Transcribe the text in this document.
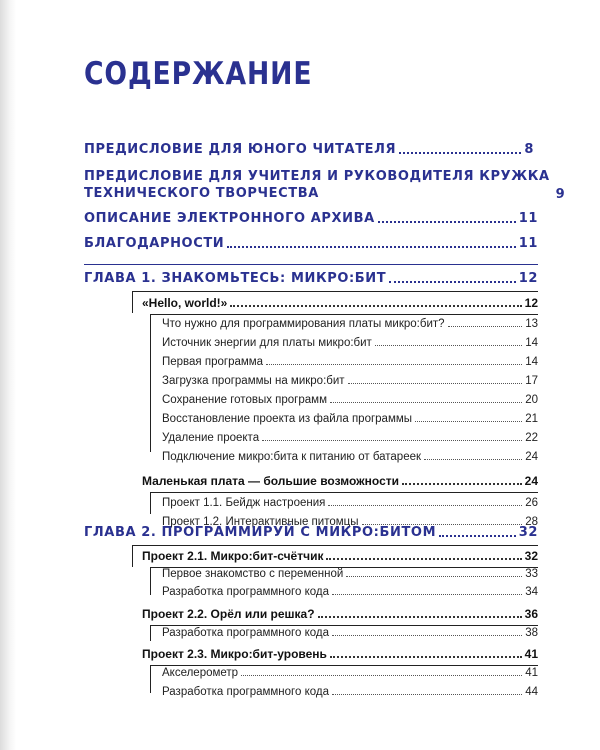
СОДЕРЖАНИЕ
ПРЕДИСЛОВИЕ ДЛЯ ЮНОГО ЧИТАТЕЛЯ	8
ПРЕДИСЛОВИЕ ДЛЯ УЧИТЕЛЯ И РУКОВОДИТЕЛЯ КРУЖКА
ТЕХНИЧЕСКОГО ТВОРЧЕСТВА	9
ОПИСАНИЕ ЭЛЕКТРОННОГО АРХИВА	11
БЛАГОДАРНОСТИ	11
ГЛАВА 1. ЗНАКОМЬТЕСЬ: МИКРО:БИТ	12
«Hello, world!»	12
Что нужно для программирования платы микро:бит?	13
Источник энергии для платы микро:бит	14
Первая программа	14
Загрузка программы на микро:бит	17
Сохранение готовых программ	20
Восстановление проекта из файла программы	21
Удаление проекта	22
Подключение микро:бита к питанию от батареек	24
Маленькая плата — большие возможности	24
Проект 1.1. Бейдж настроения	26
Проект 1.2. Интерактивные питомцы	28
ГЛАВА 2. ПРОГРАММИРУЙ С МИКРО:БИТОМ	32
Проект 2.1. Микро:бит-счётчик	32
Первое знакомство с переменной	33
Разработка программного кода	34
Проект 2.2. Орёл или решка?	36
Разработка программного кода	38
Проект 2.3. Микро:бит-уровень	41
Акселерометр	41
Разработка программного кода	44
